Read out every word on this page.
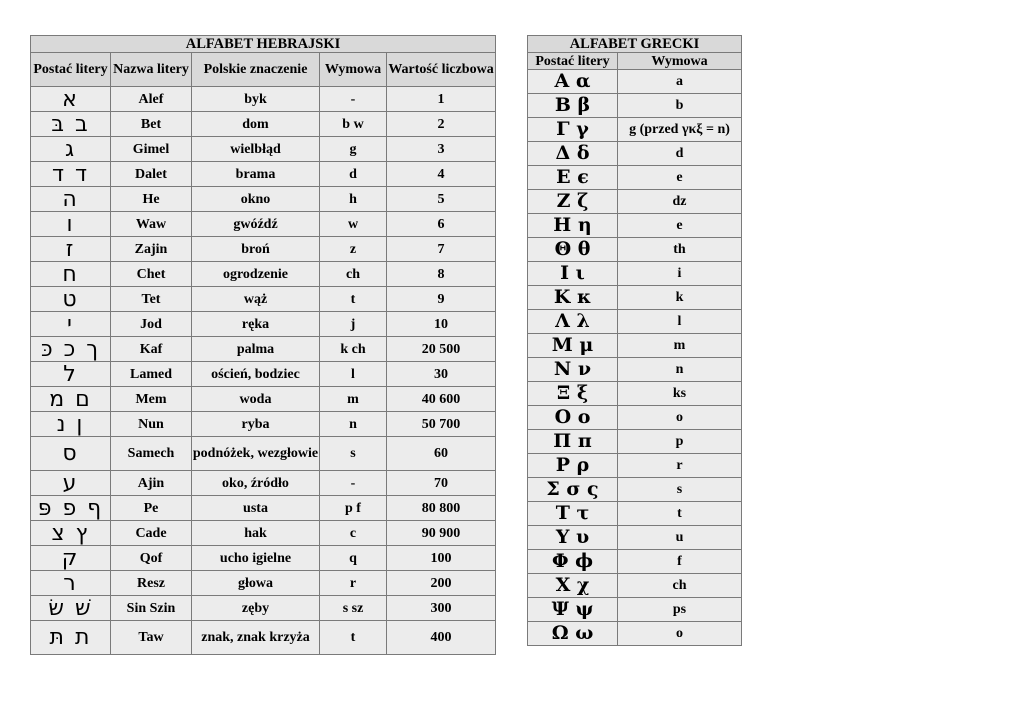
ALFABET HEBRAJSKI				
Postać litery	Nazwa litery	Polskie znaczenie	Wymowa	Wartość liczbowa
א	Alef	byk	-	1
ב בּ	Bet	dom	b w	2
ג	Gimel	wielbłąd	g	3
ד ד	Dalet	brama	d	4
ה	He	okno	h	5
ו	Waw	gwóźdź	w	6
ז	Zajin	broń	z	7
ח	Chet	ogrodzenie	ch	8
ט	Tet	wąż	t	9
י	Jod	ręka	j	10
ך כ כּ	Kaf	palma	k ch	20 500
ל	Lamed	oścień, bodziec	l	30
ם מ	Mem	woda	m	40 600
ן נ	Nun	ryba	n	50 700
ס	Samech	podnóżek, wezgłowie	s	60
ע	Ajin	oko, źródło	-	70
ף פ פּ	Pe	usta	p f	80 800
ץ צ	Cade	hak	c	90 900
ק	Qof	ucho igielne	q	100
ר	Resz	głowa	r	200
שׁ שׂ	Sin Szin	zęby	s sz	300
ת תּ	Taw	znak, znak krzyża	t	400
ALFABET GRECKI	
Postać litery	Wymowa
Α α	a
Β β	b
Γ γ	g (przed γκξ = n)
Δ δ	d
Ε ϵ	e
Ζ ζ	dz
Η η	e
Θ θ	th
Ι ι	i
Κ κ	k
Λ λ	l
Μ μ	m
Ν ν	n
Ξ ξ	ks
Ο ο	o
Π π	p
Ρ ρ	r
Σ σ ς	s
Τ τ	t
Υ υ	u
Φ ϕ	f
Χ χ	ch
Ψ ψ	ps
Ω ω	o
